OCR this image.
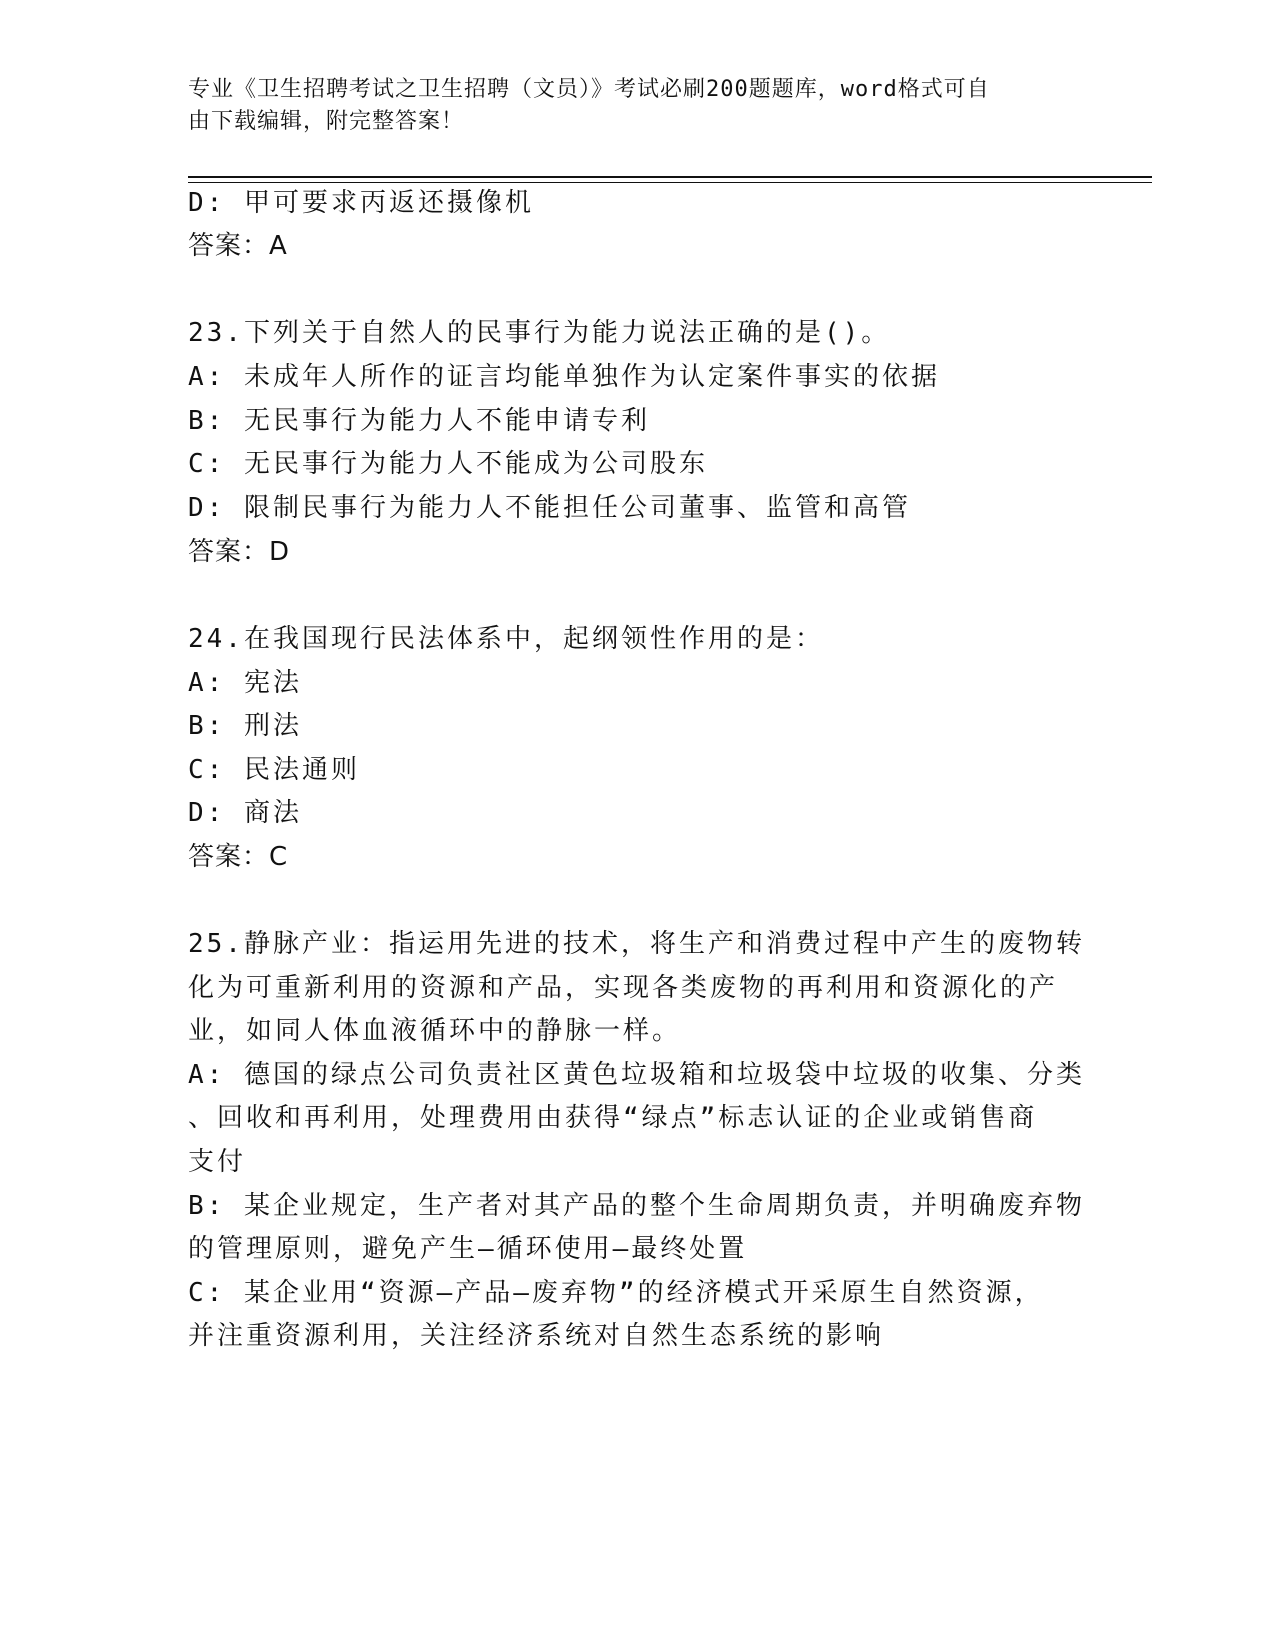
专业《卫生招聘考试之卫生招聘（文员）》考试必刷200题题库，word格式可自
由下载编辑，附完整答案！
D: 甲可要求丙返还摄像机
答案：A
23.下列关于自然人的民事行为能力说法正确的是()。
A: 未成年人所作的证言均能单独作为认定案件事实的依据
B: 无民事行为能力人不能申请专利
C: 无民事行为能力人不能成为公司股东
D: 限制民事行为能力人不能担任公司董事、监管和高管
答案：D
24.在我国现行民法体系中，起纲领性作用的是：
A: 宪法
B: 刑法
C: 民法通则
D: 商法
答案：C
25.静脉产业：指运用先进的技术，将生产和消费过程中产生的废物转
化为可重新利用的资源和产品，实现各类废物的再利用和资源化的产
业，如同人体血液循环中的静脉一样。
A: 德国的绿点公司负责社区黄色垃圾箱和垃圾袋中垃圾的收集、分类
、回收和再利用，处理费用由获得“绿点”标志认证的企业或销售商
支付
B: 某企业规定，生产者对其产品的整个生命周期负责，并明确废弃物
的管理原则，避免产生—循环使用—最终处置
C: 某企业用“资源—产品—废弃物”的经济模式开采原生自然资源，
并注重资源利用，关注经济系统对自然生态系统的影响
